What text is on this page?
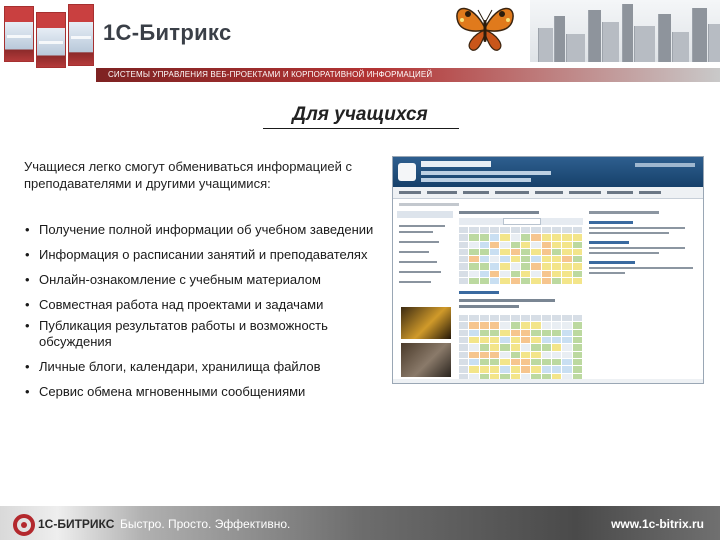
1С-Битрикс
СИСТЕМЫ УПРАВЛЕНИЯ ВЕБ-ПРОЕКТАМИ И КОРПОРАТИВНОЙ ИНФОРМАЦИЕЙ
Для учащихся
Учащиеся легко смогут обмениваться информацией с преподавателями и другими учащимися:
• Получение полной информации об учебном заведении
• Информация о расписании занятий и преподавателях
• Онлайн-ознакомление с учебным материалом
• Совместная работа над проектами и задачами
• Публикация результатов работы и возможность обсуждения
• Личные блоги, календари, хранилища файлов
• Сервис обмена мгновенными сообщениями
1С-БИТРИКС Быстро. Просто. Эффективно.	www.1c-bitrix.ru
